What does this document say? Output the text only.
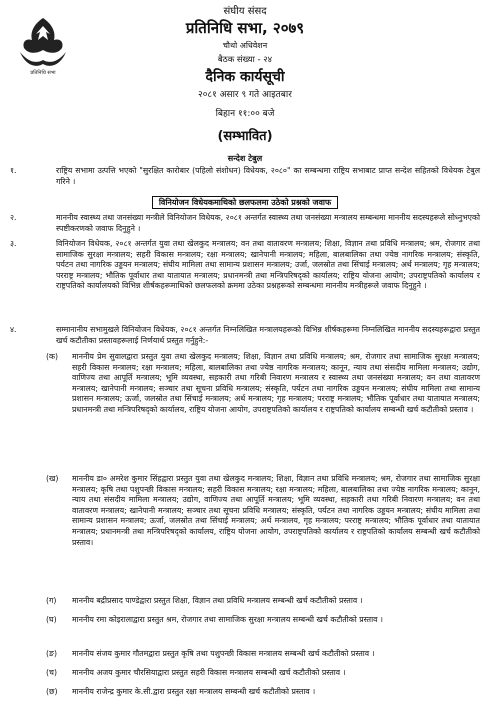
प्रतिनिधि सभा
संघीय संसद
प्रतिनिधि सभा, २०७९
चौथो अधिवेशन
बैठक संख्या - २४
दैनिक कार्यसूची
२०८१ असार ९ गते आइतबार
बिहान ११:०० बजे
(सम्भावित)
सन्देश टेबुल
१.	राष्ट्रिय सभामा उत्पत्ति भएको "सुरक्षित कारोबार (पहिलो संशोधन) विधेयक, २०८०" का सम्बन्धमा राष्ट्रिय सभाबाट प्राप्त सन्देश सहितको विधेयक टेबुल गरिने ।
विनियोजन विधेयकमाथिको छलफलमा उठेको प्रश्नको जवाफ
२.	माननीय स्वास्थ्य तथा जनसंख्या मन्त्रीले विनियोजन विधेयक, २०८१ अन्तर्गत स्वास्थ्य तथा जनसंख्या मन्त्रालय सम्बन्धमा माननीय सदस्यहरूले सोध्नुभएको स्पष्टीकरणको जवाफ दिनुहुने ।
३.	विनियोजन विधेयक, २०८१ अन्तर्गत युवा तथा खेलकुद मन्त्रालय; वन तथा वातावरण मन्त्रालय; शिक्षा, विज्ञान तथा प्रविधि मन्त्रालय; श्रम, रोजगार तथा सामाजिक सुरक्षा मन्त्रालय; सहरी विकास मन्त्रालय; रक्षा मन्त्रालय; खानेपानी मन्त्रालय; महिला, बालबालिका तथा ज्येष्ठ नागरिक मन्त्रालय; संस्कृति, पर्यटन तथा नागरिक उड्डयन मन्त्रालय; संघीय मामिला तथा सामान्य प्रशासन मन्त्रालय; उर्जा, जलस्रोत तथा सिंचाई मन्त्रालय; अर्थ मन्त्रालय; गृह मन्त्रालय; परराष्ट्र मन्त्रालय; भौतिक पूर्वाधार तथा यातायात मन्त्रालय; प्रधानमन्त्री तथा मन्त्रिपरिषद्को कार्यालय; राष्ट्रिय योजना आयोग; उपराष्ट्रपतिको कार्यालय र राष्ट्रपतिको कार्यालयको विभिन्न शीर्षकहरूमाथिको छलफलको क्रममा उठेका प्रश्नहरूको सम्बन्धमा माननीय मन्त्रीहरूले जवाफ दिनुहुने ।
४.	सम्मानानीय सभामुखले विनियोजन विधेयक, २०८१ अन्तर्गत निम्नलिखित मन्त्रालयहरूको विभिन्न शीर्षकहरूमा निम्नलिखित माननीय सदस्यहरूद्वारा प्रस्तुत खर्च कटौतीका प्रस्तावहरूलाई निर्णयार्थ प्रस्तुत गर्नुहुने:-
(क)	माननीय प्रेम सुवालद्वारा प्रस्तुत युवा तथा खेलकुद मन्त्रालय; शिक्षा, विज्ञान तथा प्रविधि मन्त्रालय; श्रम, रोजगार तथा सामाजिक सुरक्षा मन्त्रालय; सहरी विकास मन्त्रालय; रक्षा मन्त्रालय; महिला, बालबालिका तथा ज्येष्ठ नागरिक मन्त्रालय; कानून, न्याय तथा संसदीय मामिला मन्त्रालय; उद्योग, वाणिज्य तथा आपूर्ति मन्त्रालय; भूमि व्यवस्था, सहकारी तथा गरिबी निवारण मन्त्रालय र स्वास्थ्य तथा जनसंख्या मन्त्रालय; वन तथा वातावरण मन्त्रालय; खानेपानी मन्त्रालय; सञ्चार तथा सूचना प्रविधि मन्त्रालय; संस्कृति, पर्यटन तथा नागरिक उड्डयन मन्त्रालय; संघीय मामिला तथा सामान्य प्रशासन मन्त्रालय; ऊर्जा, जलस्रोत तथा सिंचाई मन्त्रालय; अर्थ मन्त्रालय; गृह मन्त्रालय; परराष्ट्र मन्त्रालय; भौतिक पूर्वाधार तथा यातायात मन्त्रालय; प्रधानमन्त्री तथा मन्त्रिपरिषद्को कार्यालय, राष्ट्रिय योजना आयोग, उपराष्ट्रपतिको कार्यालय र राष्ट्रपतिको कार्यालय सम्बन्धी खर्च कटौतीको प्रस्ताव ।
(ख)	माननीय डा० अमरेश कुमार सिंहद्वारा प्रस्तुत युवा तथा खेलकुद मन्त्रालय; शिक्षा, विज्ञान तथा प्रविधि मन्त्रालय; श्रम, रोजगार तथा सामाजिक सुरक्षा मन्त्रालय; कृषि तथा पशुपन्छी विकास मन्त्रालय; सहरी विकास मन्त्रालय; रक्षा मन्त्रालय; महिला, बालबालिका तथा ज्येष्ठ नागरिक मन्त्रालय; कानून, न्याय तथा संसदीय मामिला मन्त्रालय; उद्योग, वाणिज्य तथा आपूर्ति मन्त्रालय; भूमि व्यवस्था, सहकारी तथा गरिबी निवारण मन्त्रालय; वन तथा वातावरण मन्त्रालय; खानेपानी मन्त्रालय; सञ्चार तथा सूचना प्रविधि मन्त्रालय; संस्कृति, पर्यटन तथा नागरिक उड्डयन मन्त्रालय; संघीय मामिला तथा सामान्य प्रशासन मन्त्रालय; ऊर्जा, जलस्रोत तथा सिंचाई मन्त्रालय; अर्थ मन्त्रालय, गृह मन्त्रालय; परराष्ट्र मन्त्रालय; भौतिक पूर्वाधार तथा यातायात मन्त्रालय; प्रधानमन्त्री तथा मन्त्रिपरिषद्को कार्यालय, राष्ट्रिय योजना आयोग, उपराष्ट्रपतिको कार्यालय र राष्ट्रपतिको कार्यालय सम्बन्धी खर्च कटौतीको प्रस्ताव।
(ग)	माननीय बद्रीप्रसाद पाण्डेद्वारा प्रस्तुत शिक्षा, विज्ञान तथा प्रविधि मन्त्रालय सम्बन्धी खर्च कटौतीको प्रस्ताव ।
(घ)	माननीय रमा कोइरालाद्वारा प्रस्तुत श्रम, रोजगार तथा सामाजिक सुरक्षा मन्त्रालय सम्बन्धी खर्च कटौतीको प्रस्ताव ।
(ङ)	माननीय संजय कुमार गौतमद्वारा प्रस्तुत कृषि तथा पशुपन्छी विकास मन्त्रालय सम्बन्धी खर्च कटौतीको प्रस्ताव ।
(च)	माननीय अजय कुमार चौरसियाद्वारा प्रस्तुत सहरी विकास मन्त्रालय सम्बन्धी खर्च कटौतीको प्रस्ताव ।
(छ)	माननीय राजेन्द्र कुमार के.सी.द्वारा प्रस्तुत रक्षा मन्त्रालय सम्बन्धी खर्च कटौतीको प्रस्ताव ।
